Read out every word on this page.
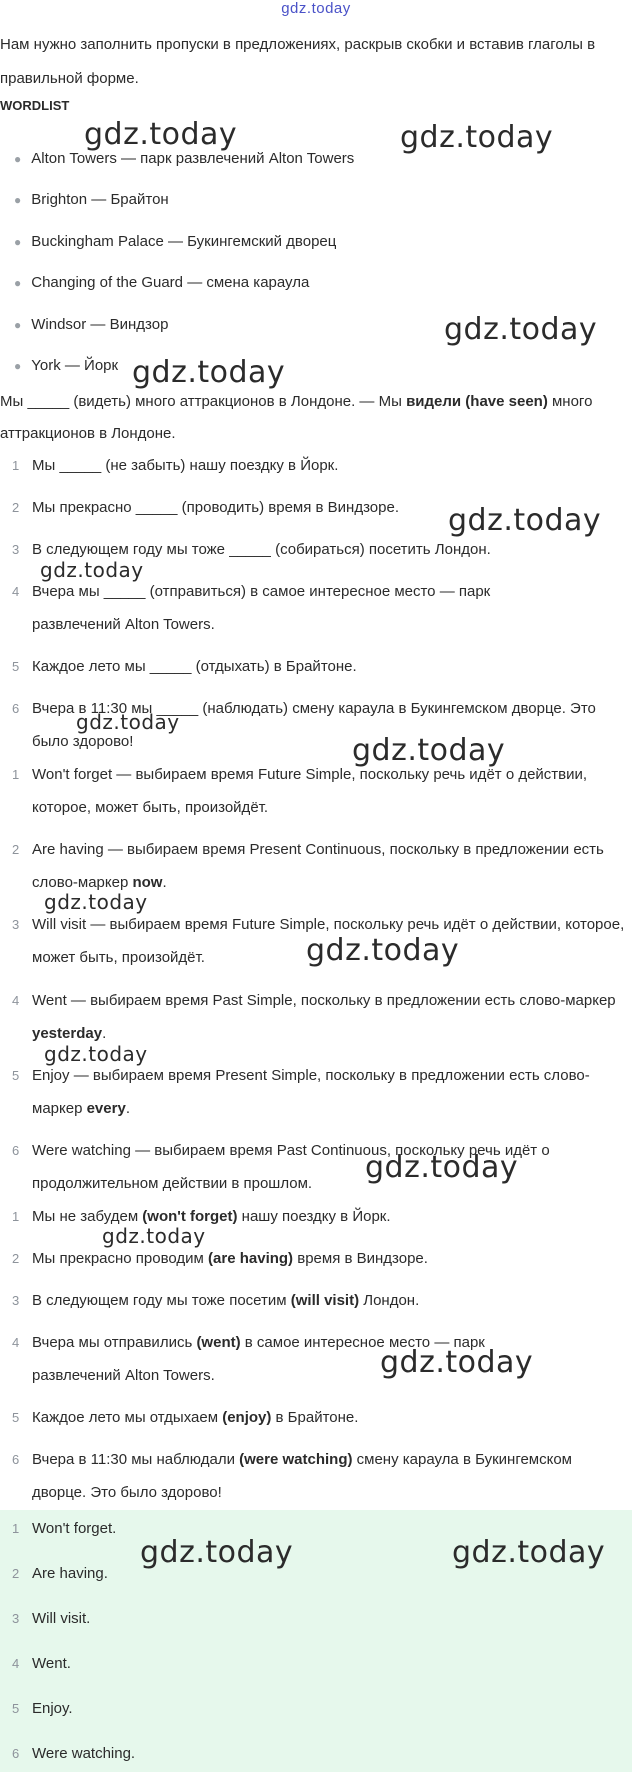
gdz.today
Нам нужно заполнить пропуски в предложениях, раскрыв скобки и вставив глаголы в правильной форме.
WORDLIST
● Alton Towers — парк развлечений Alton Towers
● Brighton — Брайтон
● Buckingham Palace — Букингемский дворец
● Changing of the Guard — смена караула
● Windsor — Виндзор
● York — Йорк
Мы _____ (видеть) много аттракционов в Лондоне. — Мы видели (have seen) много аттракционов в Лондоне.
1 Мы _____ (не забыть) нашу поездку в Йорк.
2 Мы прекрасно _____ (проводить) время в Виндзоре.
3 В следующем году мы тоже _____ (собираться) посетить Лондон.
4 Вчера мы _____ (отправиться) в самое интересное место — парк развлечений Alton Towers.
5 Каждое лето мы _____ (отдыхать) в Брайтоне.
6 Вчера в 11:30 мы _____ (наблюдать) смену караула в Букингемском дворце. Это было здорово!
1 Won't forget — выбираем время Future Simple, поскольку речь идёт о действии, которое, может быть, произойдёт.
2 Are having — выбираем время Present Continuous, поскольку в предложении есть слово-маркер now.
3 Will visit — выбираем время Future Simple, поскольку речь идёт о действии, которое, может быть, произойдёт.
4 Went — выбираем время Past Simple, поскольку в предложении есть слово-маркер yesterday.
5 Enjoy — выбираем время Present Simple, поскольку в предложении есть слово-маркер every.
6 Were watching — выбираем время Past Continuous, поскольку речь идёт о продолжительном действии в прошлом.
1 Мы не забудем (won't forget) нашу поездку в Йорк.
2 Мы прекрасно проводим (are having) время в Виндзоре.
3 В следующем году мы тоже посетим (will visit) Лондон.
4 Вчера мы отправились (went) в самое интересное место — парк развлечений Alton Towers.
5 Каждое лето мы отдыхаем (enjoy) в Брайтоне.
6 Вчера в 11:30 мы наблюдали (were watching) смену караула в Букингемском дворце. Это было здорово!
1 Won't forget.
2 Are having.
3 Will visit.
4 Went.
5 Enjoy.
6 Were watching.
gdz.today	gdz.today
gdz.today
gdz.today
gdz.today
gdz.today
gdz.today
gdz.today
gdz.today
gdz.today
gdz.today
gdz.today
gdz.today
gdz.today
gdz.today	gdz.today
